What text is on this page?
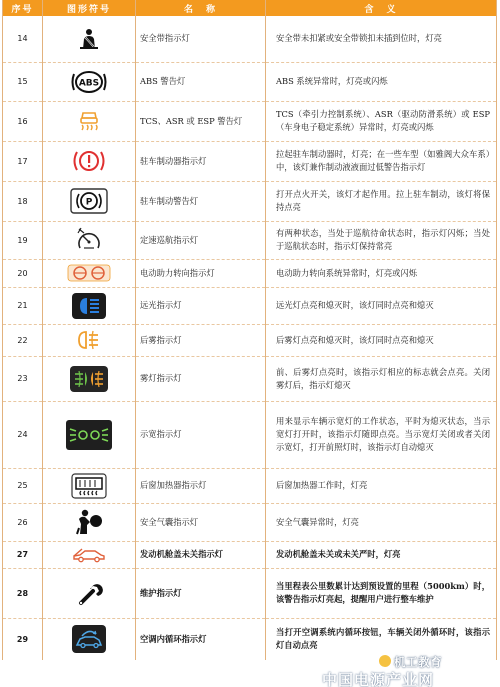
序号	图形符号	名　称	含　义
14		安全带指示灯	安全带未扣紧或安全带锁扣未插到位时，灯亮
15	ABS	ABS 警告灯	ABS 系统异常时，灯亮或闪烁
16		TCS、ASR 或 ESP 警告灯	TCS（牵引力控制系统）、ASR（驱动防滑系统）或 ESP（车身电子稳定系统）异常时，灯亮或闪烁
17		驻车制动器指示灯	拉起驻车制动器时，灯亮；在一些车型（如雅阁大众车系）中，该灯兼作制动液液面过低警告指示灯
18	P	驻车制动警告灯	打开点火开关，该灯才起作用。拉上驻车制动，该灯将保持点亮
19		定速巡航指示灯	有两种状态，当处于巡航待命状态时，指示灯闪烁；当处于巡航状态时，指示灯保持常亮
20		电动助力转向指示灯	电动助力转向系统异常时，灯亮或闪烁
21		远光指示灯	远光灯点亮和熄灭时，该灯同时点亮和熄灭
22		后雾指示灯	后雾灯点亮和熄灭时，该灯同时点亮和熄灭
23		雾灯指示灯	前、后雾灯点亮时，该指示灯相应的标志就会点亮。关闭雾灯后，指示灯熄灭
24		示宽指示灯	用来显示车辆示宽灯的工作状态，平时为熄灭状态，当示宽灯打开时，该指示灯随即点亮。当示宽灯关闭或者关闭示宽灯，打开前照灯时，该指示灯自动熄灭
25		后窗加热器指示灯	后窗加热器工作时，灯亮
26		安全气囊指示灯	安全气囊异常时，灯亮
27		发动机舱盖未关指示灯	发动机舱盖未关或未关严时，灯亮
28		维护指示灯	当里程表公里数累计达到预设置的里程（5000km）时，该警告指示灯亮起，提醒用户进行整车维护
29		空调内循环指示灯	当打开空调系统内循环按钮，车辆关闭外循环时，该指示灯自动点亮
机工教育
中国电源产业网
